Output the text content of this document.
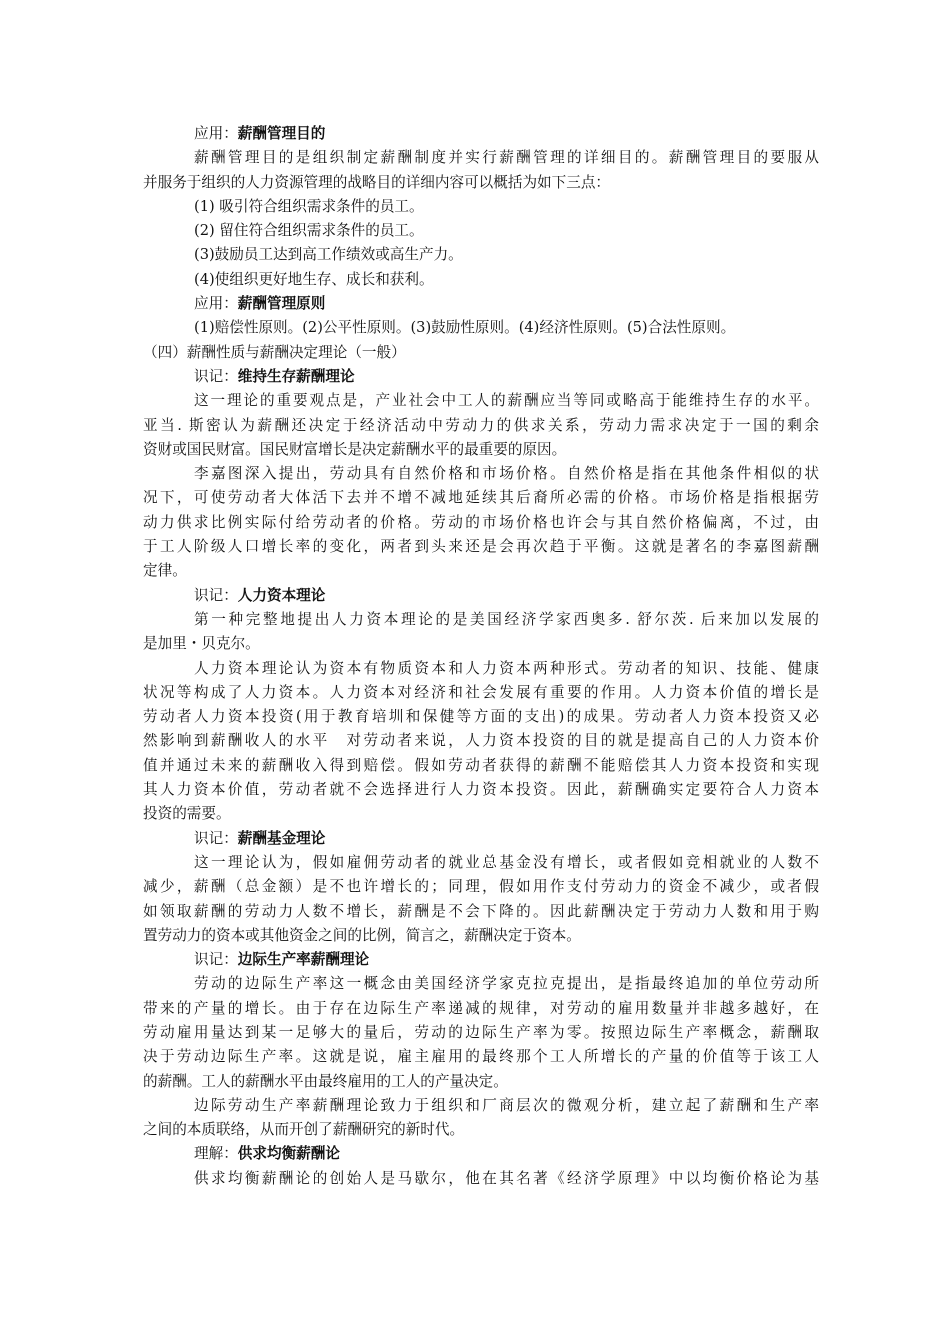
应用：薪酬管理目的
薪酬管理目的是组织制定薪酬制度并实行薪酬管理的详细目的。薪酬管理目的要服从
并服务于组织的人力资源管理的战略目的详细内容可以概括为如下三点：
(1) 吸引符合组织需求条件的员工。
(2) 留住符合组织需求条件的员工。
(3)鼓励员工达到高工作绩效或高生产力。
(4)使组织更好地生存、成长和获利。
应用：薪酬管理原则
(1)赔偿性原则。(2)公平性原则。(3)鼓励性原则。(4)经济性原则。(5)合法性原则。
（四）薪酬性质与薪酬决定理论（一般）
识记：维持生存薪酬理论
这一理论的重要观点是，产业社会中工人的薪酬应当等同或略高于能维持生存的水平。
亚当. 斯密认为薪酬还决定于经济活动中劳动力的供求关系，劳动力需求决定于一国的剩余
资财或国民财富。国民财富增长是决定薪酬水平的最重要的原因。
李嘉图深入提出，劳动具有自然价格和市场价格。自然价格是指在其他条件相似的状
况下，可使劳动者大体活下去并不增不减地延续其后裔所必需的价格。市场价格是指根据劳
动力供求比例实际付给劳动者的价格。劳动的市场价格也许会与其自然价格偏离，不过，由
于工人阶级人口增长率的变化，两者到头来还是会再次趋于平衡。这就是著名的李嘉图薪酬
定律。
识记：人力资本理论
第一种完整地提出人力资本理论的是美国经济学家西奥多. 舒尔茨. 后来加以发展的
是加里・贝克尔。
人力资本理论认为资本有物质资本和人力资本两种形式。劳动者的知识、技能、健康
状况等构成了人力资本。人力资本对经济和社会发展有重要的作用。人力资本价值的增长是
劳动者人力资本投资(用于教育培圳和保健等方面的支出)的成果。劳动者人力资本投资又必
然影响到薪酬收人的水平　对劳动者来说，人力资本投资的目的就是提高自己的人力资本价
值并通过未来的薪酬收入得到赔偿。假如劳动者获得的薪酬不能赔偿其人力资本投资和实现
其人力资本价值，劳动者就不会选择进行人力资本投资。因此，薪酬确实定要符合人力资本
投资的需要。
识记：薪酬基金理论
这一理论认为，假如雇佣劳动者的就业总基金没有增长，或者假如竞相就业的人数不
减少，薪酬（总金额）是不也许增长的；同理，假如用作支付劳动力的资金不减少，或者假
如领取薪酬的劳动力人数不增长，薪酬是不会下降的。因此薪酬决定于劳动力人数和用于购
置劳动力的资本或其他资金之间的比例，简言之，薪酬决定于资本。
识记：边际生产率薪酬理论
劳动的边际生产率这一概念由美国经济学家克拉克提出，是指最终追加的单位劳动所
带来的产量的增长。由于存在边际生产率递减的规律，对劳动的雇用数量并非越多越好，在
劳动雇用量达到某一足够大的量后，劳动的边际生产率为零。按照边际生产率概念，薪酬取
决于劳动边际生产率。这就是说，雇主雇用的最终那个工人所增长的产量的价值等于该工人
的薪酬。工人的薪酬水平由最终雇用的工人的产量决定。
边际劳动生产率薪酬理论致力于组织和厂商层次的微观分析，建立起了薪酬和生产率
之间的本质联络，从而开创了薪酬研究的新时代。
理解：供求均衡薪酬论
供求均衡薪酬论的创始人是马歇尔，他在其名著《经济学原理》中以均衡价格论为基
